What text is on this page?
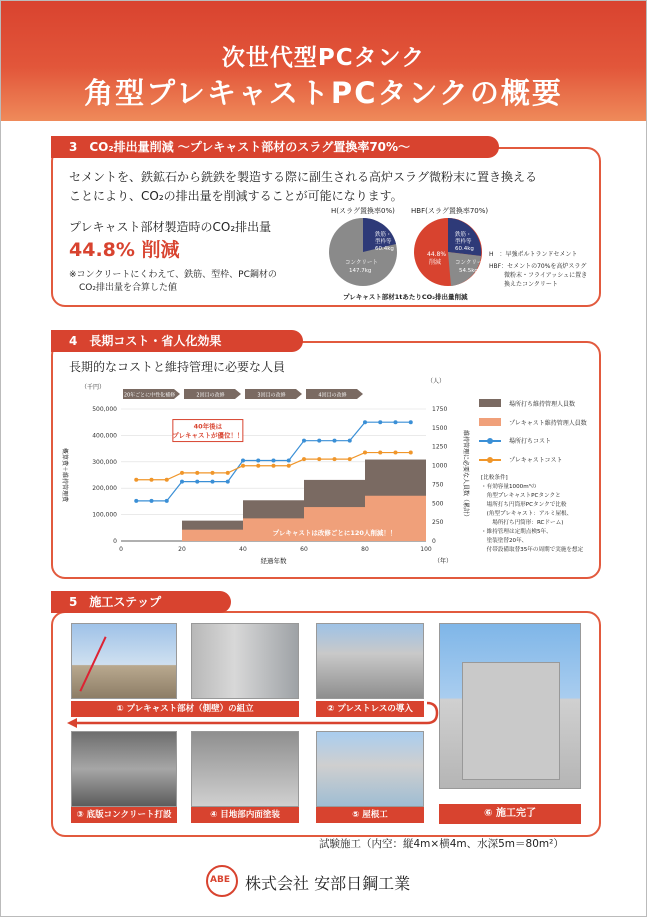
次世代型PCタンク
角型プレキャストPCタンクの概要
3　CO₂排出量削減 ～プレキャスト部材のスラグ置換率70%～
セメントを、鉄鉱石から銑鉄を製造する際に副生される高炉スラグ微粉末に置き換える
ことにより、CO₂の排出量を削減することが可能になります。
プレキャスト部材製造時のCO₂排出量
44.8% 削減
※コンクリートにくわえて、鉄筋、型枠、PC鋼材の
CO₂排出量を合算した値
H(スラグ置換率0%) HBF(スラグ置換率70%)
鉄筋・
型枠等
60.4kg
コンクリート
147.7kg
鉄筋・
型枠等
60.4kg
コンクリート
54.5kg
44.8%
削減
プレキャスト部材1tあたりCO₂排出量削減
H　：早強ポルトランドセメント
HBF：セメントの70%を高炉スラグ
微粉末・フライアッシュに置き
換えたコンクリート
4　長期コスト・省人化効果
長期的なコストと維持管理に必要な人員
（千円）
（人）
0
100,000
200,000
300,000
400,000
500,000
0
250
500
750
1000
1250
1500
1750
0	20	40	60	80	100
経過年数	（年）
概算費＋維持管理費	維持管理に必要な人員数（累計）
20年ごとに中性化補修	2回目の改修	3回目の改修	4回目の改修
40年後は
プレキャストが優位！！
プレキャストは改修ごとに120人削減！！
場所打ち維持管理人員数
プレキャスト維持管理人員数
場所打ちコスト
プレキャストコスト
[比較条件]
・有効容量1000m³の
　角型プレキャストPCタンクと
　場所打ち円筒形PCタンクで比較
　(角型プレキャスト：アルミ屋根、
　　場所打ち円筒形：RCドーム)
・維持管理は定期点検5年、
　塗装塗替20年、
　付帯設備取替35年の周期で実施を想定
5　施工ステップ
① プレキャスト部材（側壁）の組立	② プレストレスの導入
③ 底版コンクリート打設	④ 目地部内面塗装	⑤ 屋根工	⑥ 施工完了
試験施工（内空：縦4m×横4m、水深5m＝80m²）
ABE 株式会社 安部日鋼工業
